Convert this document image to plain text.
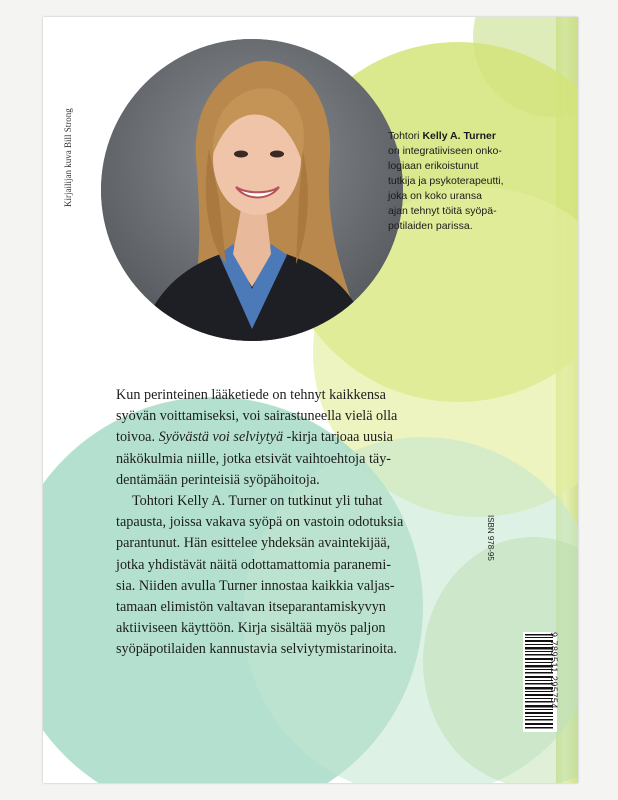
Kirjailijan kuva Bill Strong	Tohtori Kelly A. Turner
on integratiiviseen onko-
logiaan erikoistunut
tutkija ja psykoterapeutti,
joka on koko uransa
ajan tehnyt töitä syöpä-
potilaiden parissa.
Kun perinteinen lääketiede on tehnyt kaikkensa
syövän voittamiseksi, voi sairastuneella vielä olla
toivoa. Syövästä voi selviytyä -kirja tarjoaa uusia
näkökulmia niille, jotka etsivät vaihtoehtoja täy-
dentämään perinteisiä syöpähoitoja.
Tohtori Kelly A. Turner on tutkinut yli tuhat
tapausta, joissa vakava syöpä on vastoin odotuksia
parantunut. Hän esittelee yhdeksän avaintekijää,
jotka yhdistävät näitä odottamattomia paranemi-
sia. Niiden avulla Turner innostaa kaikkia valjas-
tamaan elimistön valtavan itseparantamiskyvyn
aktiiviseen käyttöön. Kirja sisältää myös paljon
syöpäpotilaiden kannustavia selviytymistarinoita.
ISBN 978-95
9 789511 295754
